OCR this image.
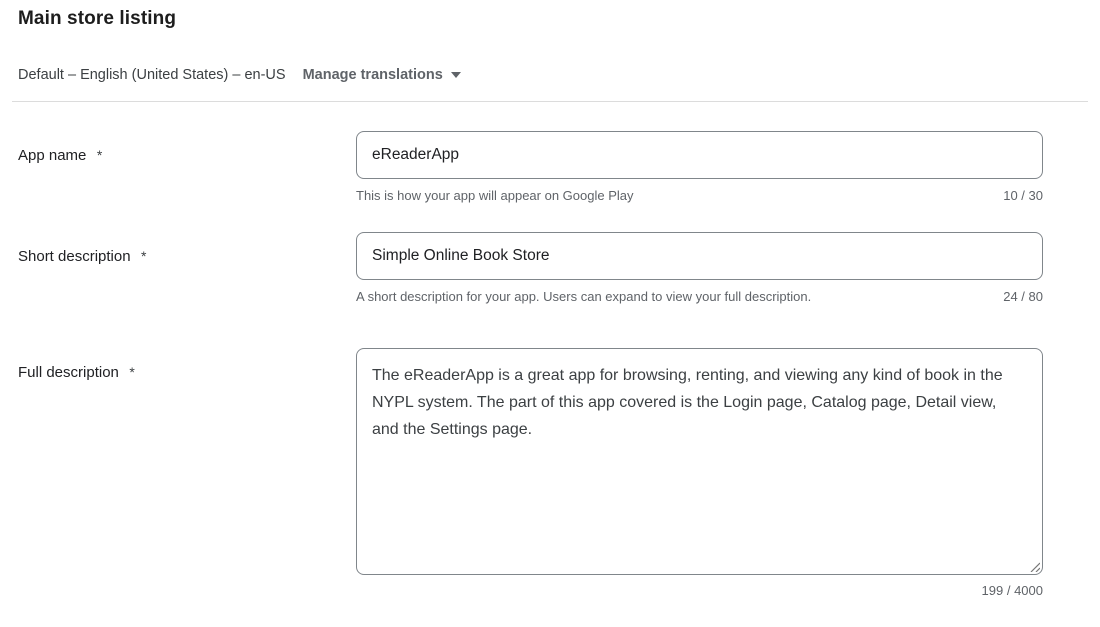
Main store listing
Default – English (United States) – en-US Manage translations
App name *
eReaderApp
This is how your app will appear on Google Play	10 / 30
Short description *
Simple Online Book Store
A short description for your app. Users can expand to view your full description.	24 / 80
Full description *
The eReaderApp is a great app for browsing, renting, and viewing any kind of book in the NYPL system. The part of this app covered is the Login page, Catalog page, Detail view, and the Settings page.
199 / 4000
